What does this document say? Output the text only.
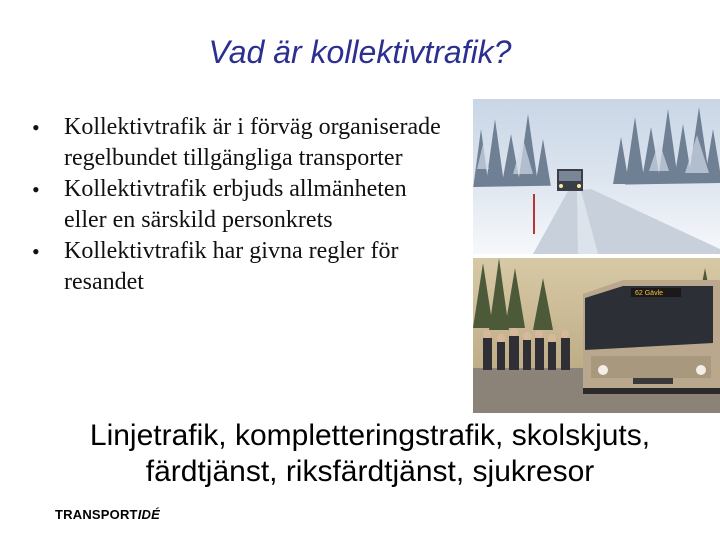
Vad är kollektivtrafik?
• Kollektivtrafik är i förväg organiserade regelbundet tillgängliga transporter
• Kollektivtrafik erbjuds allmänheten eller en särskild personkrets
• Kollektivtrafik har givna regler för resandet	62 Gävle
Linjetrafik, kompletteringstrafik, skolskjuts,
färdtjänst, riksfärdtjänst, sjukresor
TRANSPORTIDÉ
